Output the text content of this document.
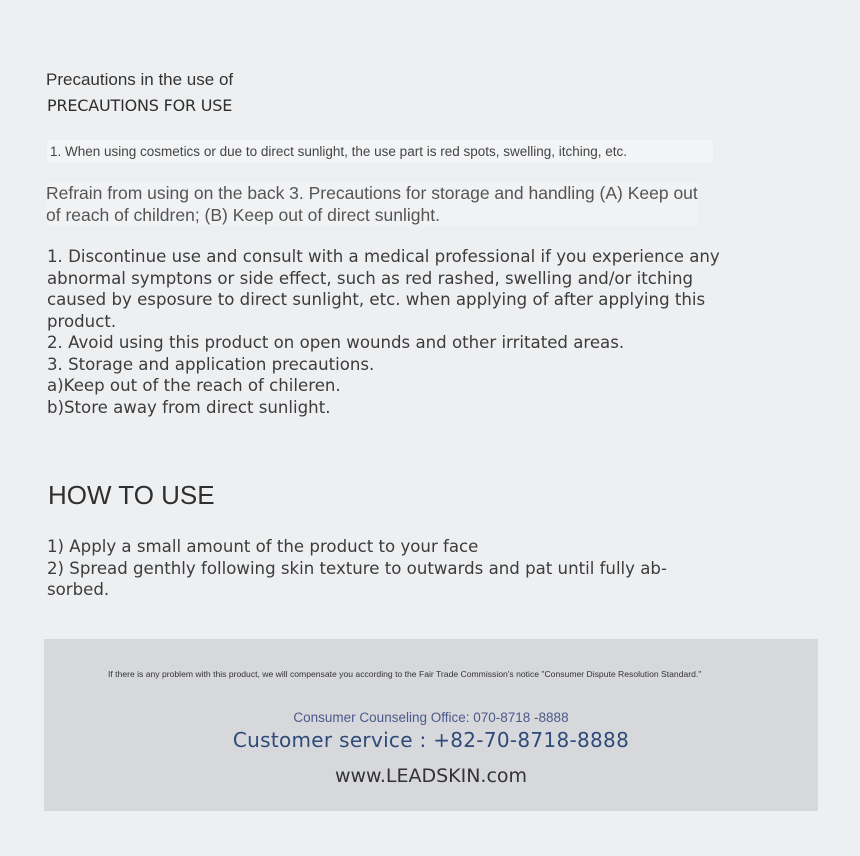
Precautions in the use of
PRECAUTIONS FOR USE

1. When using cosmetics or due to direct sunlight, the use part is red spots, swelling, itching, etc.

Refrain from using on the back 3. Precautions for storage and handling (A) Keep out of reach of children; (B) Keep out of direct sunlight.

1. Discontinue use and consult with a medical professional if you experience any abnormal symptons or side effect, such as red rashed, swelling and/or itching caused by esposure to direct sunlight, etc. when applying of after applying this product.
2. Avoid using this product on open wounds and other irritated areas.
3. Storage and application precautions.
a)Keep out of the reach of chileren.
b)Store away from direct sunlight.
HOW TO USE
1) Apply a small amount of the product to your face
2) Spread genthly following skin texture to outwards and pat until fully ab-sorbed.

If there is any problem with this product, we will compensate you according to the Fair Trade Commission's notice "Consumer Dispute Resolution Standard."

Consumer Counseling Office: 070-8718 -8888

Customer service : +82-70-8718-8888

www.LEADSKIN.com
